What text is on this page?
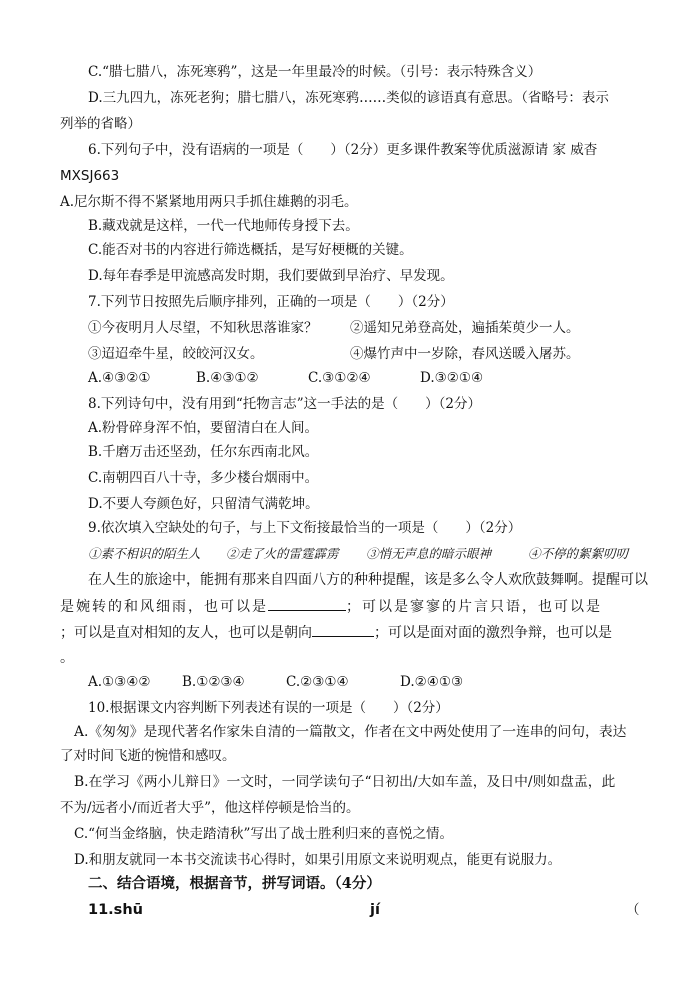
C.“腊七腊八，冻死寒鸦”，这是一年里最冷的时候。（引号：表示特殊含义）
D.三九四九，冻死老狗；腊七腊八，冻死寒鸦……类似的谚语真有意思。（省略号：表示
列举的省略）
6.下列句子中，没有语病的一项是（　　）（2分）更多课件教案等优质滋源请 家 威杳
MXSJ663
A.尼尔斯不得不紧紧地用两只手抓住雄鹅的羽毛。
B.藏戏就是这样，一代一代地师传身授下去。
C.能否对书的内容进行筛选概括，是写好梗概的关键。
D.每年春季是甲流感高发时期，我们要做到早治疗、早发现。
7.下列节日按照先后顺序排列，正确的一项是（　　）（2分）
①今夜明月人尽望，不知秋思落谁家？ ②遥知兄弟登高处，遍插茱萸少一人。
③迢迢牵牛星，皎皎河汉女。	④爆竹声中一岁除，春风送暖入屠苏。
A.④③②①	B.④③①②	C.③①②④	D.③②①④
8.下列诗句中，没有用到“托物言志”这一手法的是（　　）（2分）
A.粉骨碎身浑不怕，要留清白在人间。
B.千磨万击还坚劲，任尔东西南北风。
C.南朝四百八十寺，多少楼台烟雨中。
D.不要人夸颜色好，只留清气满乾坤。
9.依次填入空缺处的句子，与上下文衔接最恰当的一项是（　　）（2分）
①素不相识的陌生人 ②走了火的雷霆霹雳 ③悄无声息的暗示眼神	④不停的絮絮叨叨
在人生的旅途中，能拥有那来自四面八方的种种提醒，该是多么令人欢欣鼓舞啊。提醒可以
是婉转的和风细雨，也可以是	；可以是寥寥的片言只语，也可以是
；可以是直对相知的友人，也可以是朝向	；可以是面对面的激烈争辩，也可以是
。
A.①③④② B.①②③④	C.②③①④	D.②④①③
10.根据课文内容判断下列表述有误的一项是（　　）（2分）
A.《匆匆》是现代著名作家朱自清的一篇散文，作者在文中两处使用了一连串的问句，表达
了对时间飞逝的惋惜和感叹。
B.在学习《两小儿辩日》一文时，一同学读句子“日初出/大如车盖，及日中/则如盘盂，此
不为/远者小/而近者大乎”，他这样停顿是恰当的。
C.“何当金络脑，快走踏清秋”写出了战士胜利归来的喜悦之情。
D.和朋友就同一本书交流读书心得时，如果引用原文来说明观点，能更有说服力。
二、结合语境，根据音节，拼写词语。（4分）
11.shū	jí	（
